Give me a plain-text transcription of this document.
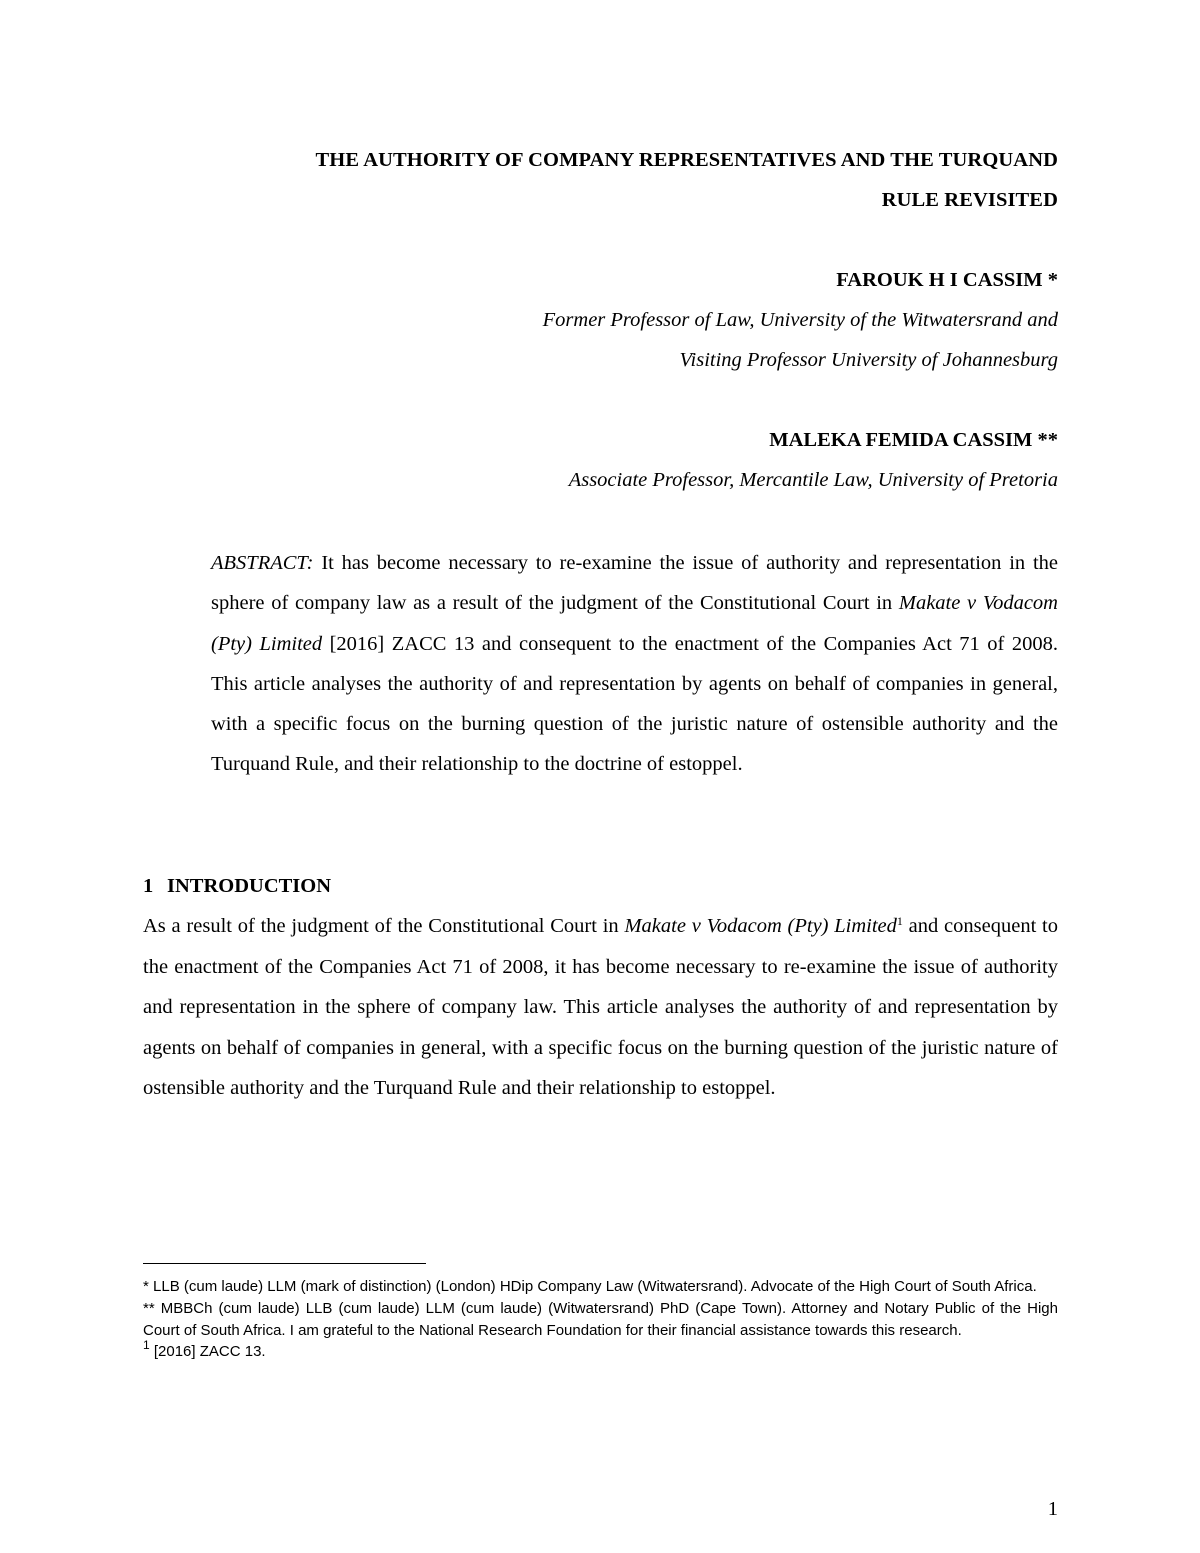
THE AUTHORITY OF COMPANY REPRESENTATIVES AND THE TURQUAND
RULE REVISITED
FAROUK H I CASSIM *
Former Professor of Law, University of the Witwatersrand and
Visiting Professor University of Johannesburg
MALEKA FEMIDA CASSIM **
Associate Professor, Mercantile Law, University of Pretoria
ABSTRACT: It has become necessary to re-examine the issue of authority and representation in the sphere of company law as a result of the judgment of the Constitutional Court in Makate v Vodacom (Pty) Limited [2016] ZACC 13 and consequent to the enactment of the Companies Act 71 of 2008. This article analyses the authority of and representation by agents on behalf of companies in general, with a specific focus on the burning question of the juristic nature of ostensible authority and the Turquand Rule, and their relationship to the doctrine of estoppel.
1 INTRODUCTION
As a result of the judgment of the Constitutional Court in Makate v Vodacom (Pty) Limited$^1$ and consequent to the enactment of the Companies Act 71 of 2008, it has become necessary to re-examine the issue of authority and representation in the sphere of company law. This article analyses the authority of and representation by agents on behalf of companies in general, with a specific focus on the burning question of the juristic nature of ostensible authority and the Turquand Rule and their relationship to estoppel.

* LLB (cum laude) LLM (mark of distinction) (London) HDip Company Law (Witwatersrand). Advocate of the High Court of South Africa.

** MBBCh (cum laude) LLB (cum laude) LLM (cum laude) (Witwatersrand) PhD (Cape Town). Attorney and Notary Public of the High Court of South Africa. I am grateful to the National Research Foundation for their financial assistance towards this research.

$^1$ [2016] ZACC 13.

1
